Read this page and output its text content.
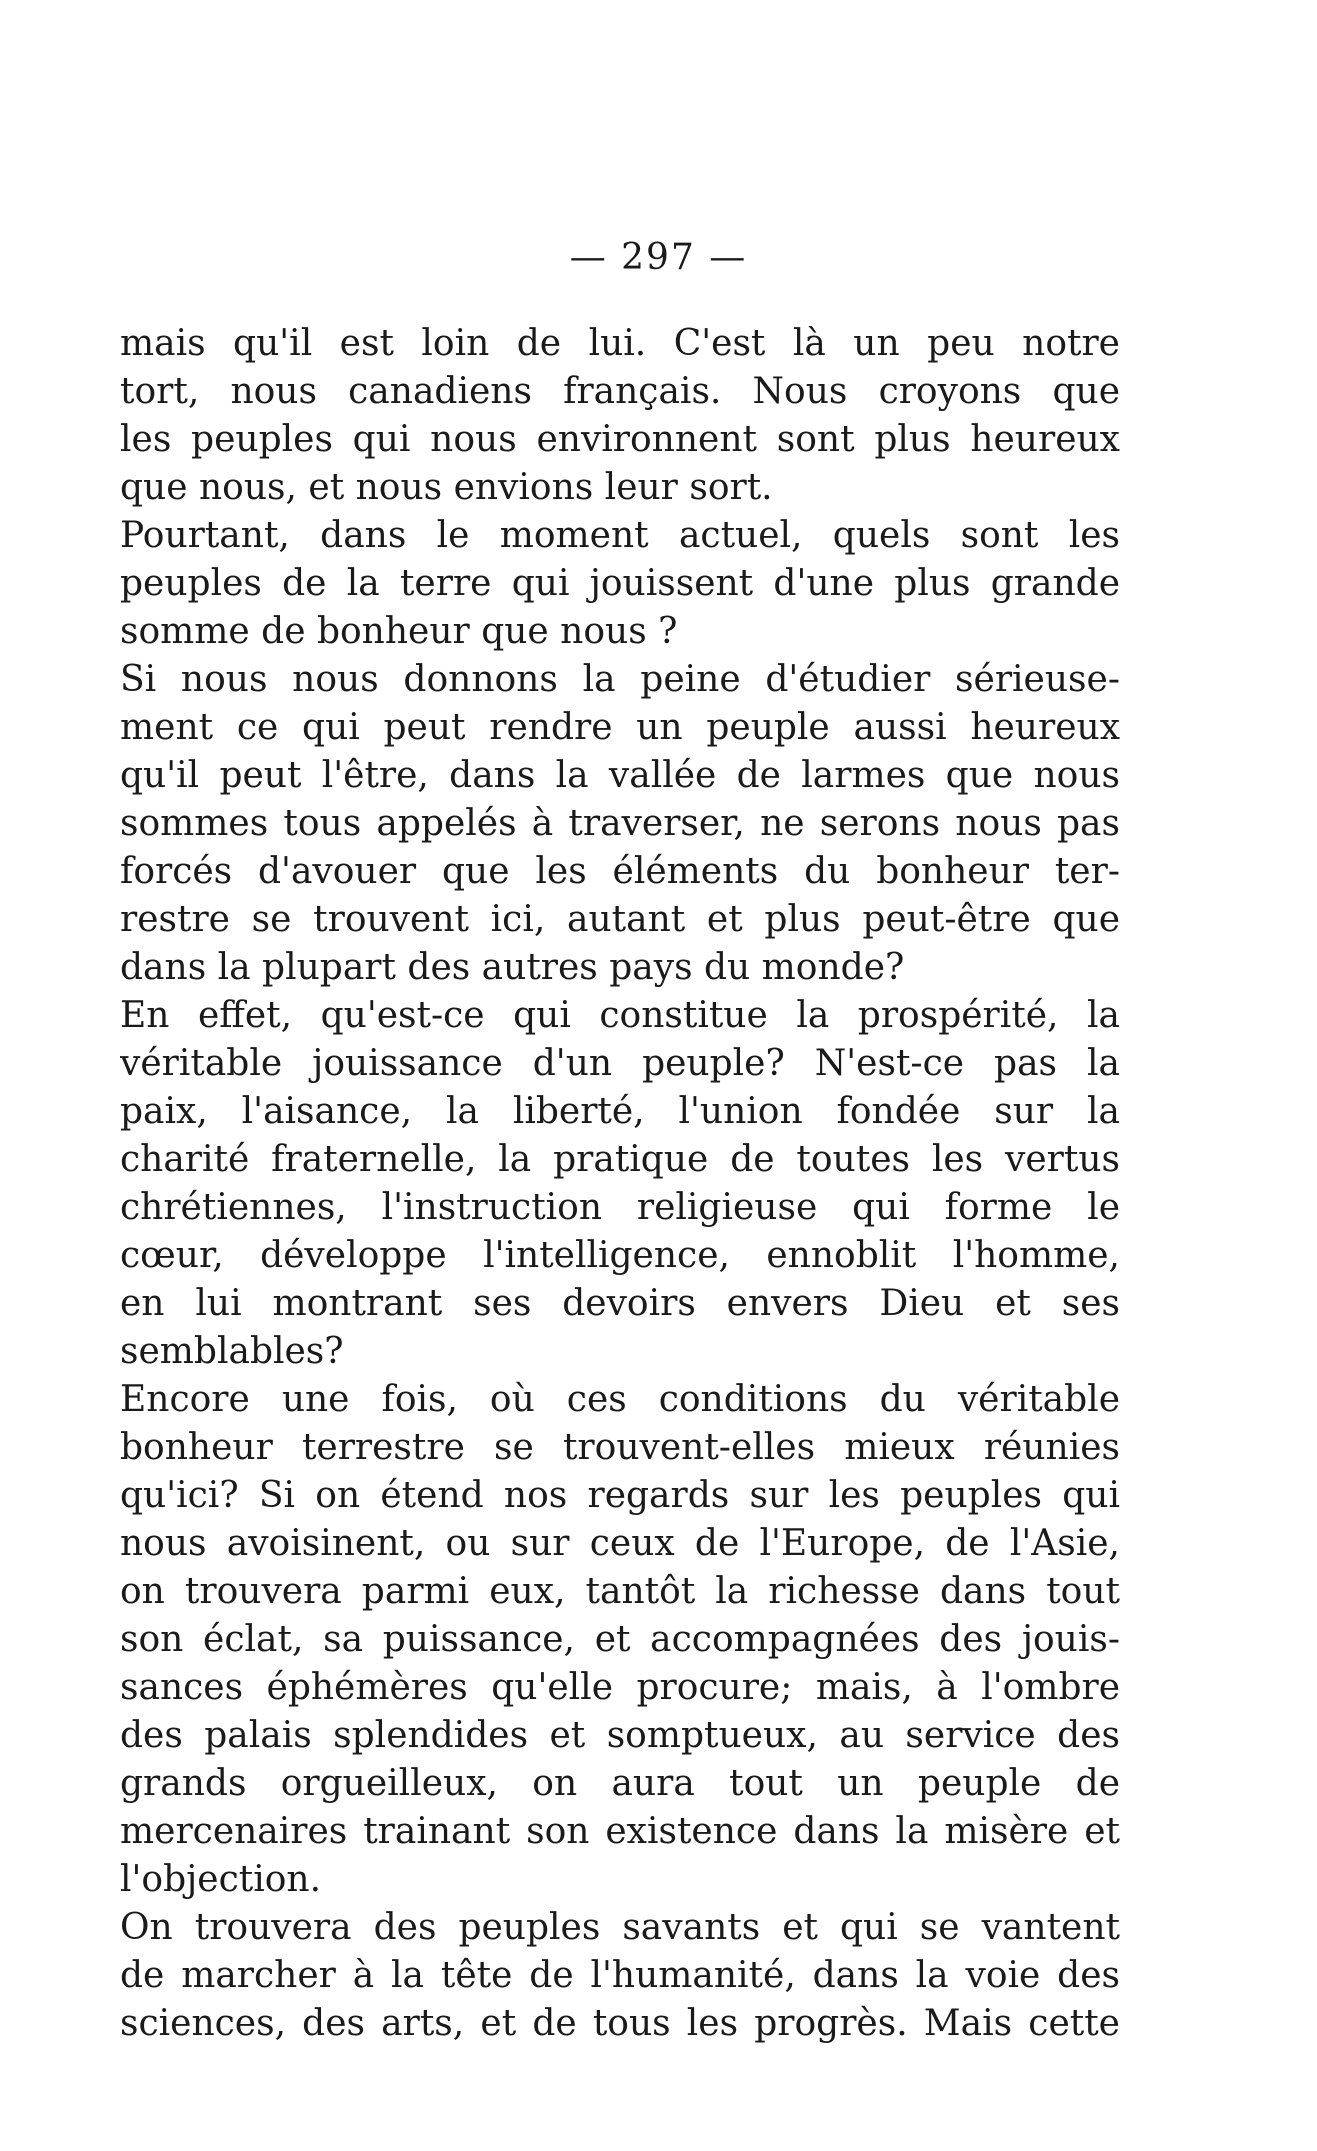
— 297 —
mais qu'il est loin de lui. C'est là un peu notre
tort, nous canadiens français. Nous croyons que
les peuples qui nous environnent sont plus heureux
que nous, et nous envions leur sort.
Pourtant, dans le moment actuel, quels sont les
peuples de la terre qui jouissent d'une plus grande
somme de bonheur que nous ?
Si nous nous donnons la peine d'étudier sérieuse-
ment ce qui peut rendre un peuple aussi heureux
qu'il peut l'être, dans la vallée de larmes que nous
sommes tous appelés à traverser, ne serons nous pas
forcés d'avouer que les éléments du bonheur ter-
restre se trouvent ici, autant et plus peut-être que
dans la plupart des autres pays du monde?
En effet, qu'est-ce qui constitue la prospérité, la
véritable jouissance d'un peuple? N'est-ce pas la
paix, l'aisance, la liberté, l'union fondée sur la
charité fraternelle, la pratique de toutes les vertus
chrétiennes, l'instruction religieuse qui forme le
cœur, développe l'intelligence, ennoblit l'homme,
en lui montrant ses devoirs envers Dieu et ses
semblables?
Encore une fois, où ces conditions du véritable
bonheur terrestre se trouvent-elles mieux réunies
qu'ici? Si on étend nos regards sur les peuples qui
nous avoisinent, ou sur ceux de l'Europe, de l'Asie,
on trouvera parmi eux, tantôt la richesse dans tout
son éclat, sa puissance, et accompagnées des jouis-
sances éphémères qu'elle procure; mais, à l'ombre
des palais splendides et somptueux, au service des
grands orgueilleux, on aura tout un peuple de
mercenaires trainant son existence dans la misère et
l'objection.
On trouvera des peuples savants et qui se vantent
de marcher à la tête de l'humanité, dans la voie des
sciences, des arts, et de tous les progrès. Mais cette
